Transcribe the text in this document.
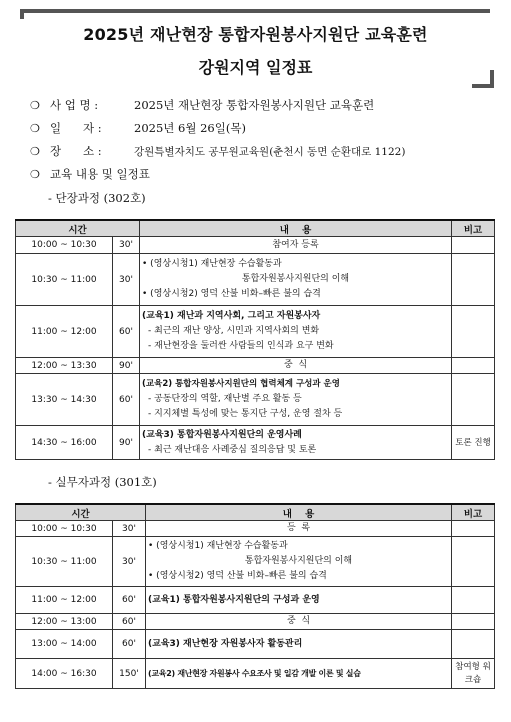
2025년 재난현장 통합자원봉사지원단 교육훈련
강원지역 일정표
❍ 사 업 명 :	2025년 재난현장 통합자원봉사지원단 교육훈련
❍ 일      자 :	2025년 6월 26일(목)
❍ 장      소 :	강원특별자치도 공무원교육원(춘천시 동면 순환대로 1122)
❍ 교육 내용 및 일정표
- 단장과정 (302호)
시간		내    용	비고
10:00 ~ 10:30	30'	참여자 등록	
10:30 ~ 11:00	30'	• (영상시청1) 재난현장 수습활동과
통합자원봉사지원단의 이해
• (영상시청2) 영덕 산불 비화–빠른 불의 습격	

11:00 ~ 12:00	60'	(교육1) 재난과 지역사회, 그리고 자원봉사자
- 최근의 재난 양상, 시민과 지역사회의 변화
- 재난현장을 둘러싼 사람들의 인식과 요구 변화	

12:00 ~ 13:30	90'	중  식	
13:30 ~ 14:30	60'	(교육2) 통합자원봉사지원단의 협력체계 구성과 운영
- 공동단장의 역할, 재난별 주요 활동 등
- 지지체별 특성에 맞는 통지단 구성, 운영 절차 등	

14:30 ~ 16:00	90'	(교육3) 통합자원봉사지원단의 운영사례
- 최근 재난대응 사례중심 질의응답 및 토론	토론 진행
- 실무자과정 (301호)
시간		내    용	비고
10:00 ~ 10:30	30'	등  록	
10:30 ~ 11:00	30'	• (영상시청1) 재난현장 수습활동과
통합자원봉사지원단의 이해
• (영상시청2) 영덕 산불 비화–빠른 불의 습격	

11:00 ~ 12:00	60'	(교육1) 통합자원봉사지원단의 구성과 운영	

12:00 ~ 13:00	60'	중  식	
13:00 ~ 14:00	60'	(교육3) 재난현장 자원봉사자 활동관리	

14:00 ~ 16:30	150'	(교육2) 재난현장 자원봉사 수요조사 및 일감 개발 이론 및 실습	참여형 워크숍
